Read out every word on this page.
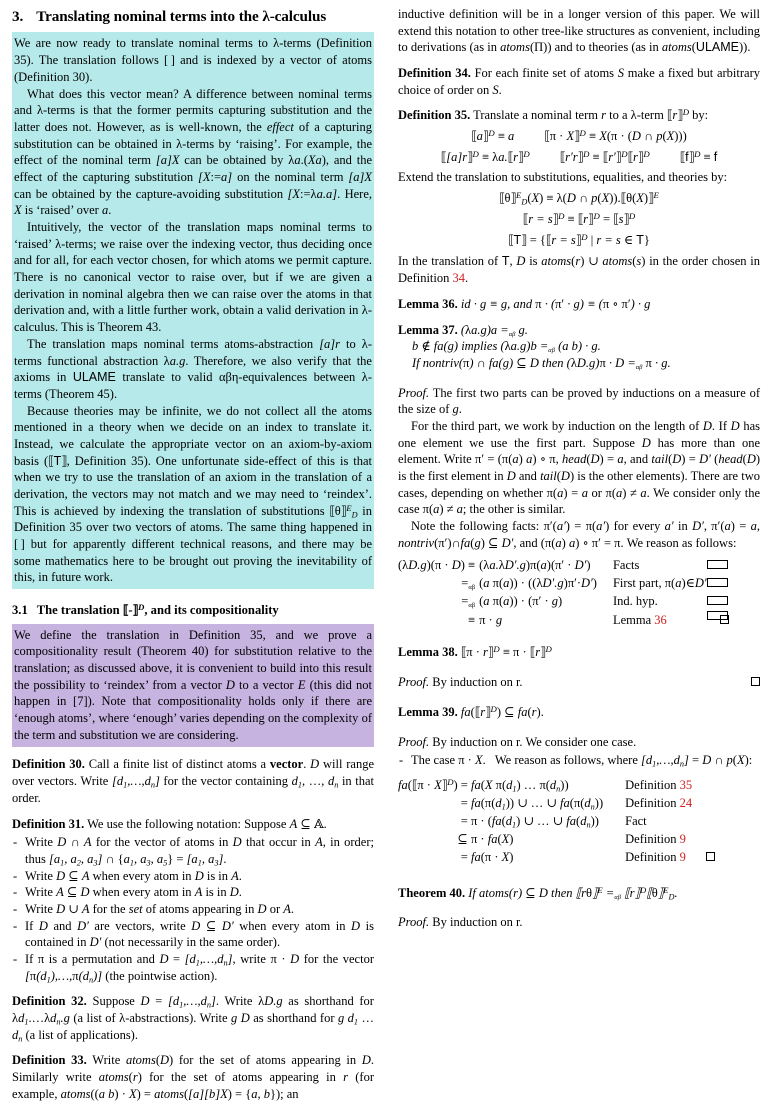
3. Translating nominal terms into the λ-calculus

We are now ready to translate nominal terms to λ-terms (Definition 35). The translation follows [ ] and is indexed by a vector of atoms (Definition 30).

What does this vector mean? A difference between nominal terms and λ-terms is that the former permits capturing substitution and the latter does not. However, as is well-known, the effect of a capturing substitution can be obtained in λ-terms by ‘raising’. For example, the effect of the nominal term [a]X can be obtained by λa.(Xa), and the effect of the capturing substitution [X:=a] on the nominal term [a]X can be obtained by the capture-avoiding substitution [X:=λa.a]. Here, X is ‘raised’ over a.

Intuitively, the vector of the translation maps nominal terms to ‘raised’ λ-terms; we raise over the indexing vector, thus deciding once and for all, for each vector chosen, for which atoms we permit capture. There is no canonical vector to raise over, but if we are given a derivation in nominal algebra then we can raise over the atoms in that derivation and, with a little further work, obtain a valid derivation in λ-calculus. This is Theorem 43.

The translation maps nominal terms atoms-abstraction [a]r to λ-terms functional abstraction λa.g. Therefore, we also verify that the axioms in ULAME translate to valid αβη-equivalences between λ-terms (Theorem 45).

Because theories may be infinite, we do not collect all the atoms mentioned in a theory when we decide on an index to translate it. Instead, we calculate the appropriate vector on an axiom-by-axiom basis (⟦T⟧, Definition 35). One unfortunate side-effect of this is that when we try to use the translation of an axiom in the translation of a derivation, the vectors may not match and we may need to ‘reindex’. This is achieved by indexing the translation of substitutions ⟦θ⟧$^E_D$ in Definition 35 over two vectors of atoms. The same thing happened in [ ] but for apparently different technical reasons, and there may be some mathematics here to be brought out proving the inevitability of this, in future work.

3.1 The translation ⟦-⟧$^D$, and its compositionality

We define the translation in Definition 35, and we prove a compositionality result (Theorem 40) for substitution relative to the translation; as discussed above, it is convenient to build into this result the possibility to ‘reindex’ from a vector D to a vector E (this did not happen in [7]). Note that compositionality holds only if there are ‘enough atoms’, where ‘enough’ varies depending on the complexity of the term and substitution we are considering.

Definition 30. Call a finite list of distinct atoms a vector. D will range over vectors. Write $[d_1,\dots,d_n]$ for the vector containing $d_1$, …, $d_n$ in that order.

Definition 31. We use the following notation: Suppose A ⊆ 𝔸.

- Write D ∩ A for the vector of atoms in D that occur in A, in order; thus [$a_1$, $a_2$, $a_3$] ∩ {$a_1$, $a_3$, $a_5\} = [a_1$, $a_3$].
- Write D ⊆ A when every atom in D is in A.
- Write A ⊆ D when every atom in A is in D.
- Write D ∪ A for the set of atoms appearing in D or A.
- If D and D′ are vectors, write D ⊆ D′ when every atom in D is contained in D′ (not necessarily in the same order).
- If π is a permutation and $D = [d_1,\dots,d_n]$, write π · D for the vector $[\pi(d_1),\dots,\pi(d_n)]$ (the pointwise action).

Definition 32. Suppose $D = [d_1,\dots,d_n]$. Write λD.g as shorthand for $\lambda d_1.\dots\lambda d_n.g$ (a list of λ-abstractions). Write g D as shorthand for g $d_1$ … $d_n$ (a list of applications).

Definition 33. Write atoms(D) for the set of atoms appearing in D. Similarly write atoms(r) for the set of atoms appearing in r (for example, atoms((a b) · X) = atoms([a][b]X) = {a, b}); an

inductive definition will be in a longer version of this paper. We will extend this notation to other tree-like structures as convenient, including to derivations (as in atoms(Π)) and to theories (as in atoms(ULAME)).

Definition 34. For each finite set of atoms S make a fixed but arbitrary choice of order on S.

Definition 35. Translate a nominal term r to a λ-term ⟦r⟧$^D$ by:

⟦a⟧$^D$ ≡ a ⟦π · X⟧$^D$ ≡ X(π · (D ∩ p(X)))
⟦[a]r⟧$^D$ ≡ λa.⟦r⟧$^D$ ⟦r′r⟧$^D$ ≡ ⟦r′⟧$^D$⟦r⟧$^D$ ⟦f⟧$^D$ ≡ f

Extend the translation to substitutions, equalities, and theories by:

⟦θ⟧$^E_D$(X) ≡ λ(D ∩ p(X)).⟦θ(X)⟧$^E$
⟦r = s⟧$^D$ ≡ ⟦r⟧$^D$ = ⟦s⟧$^D$
⟦T⟧ = {⟦r = s⟧$^D$ | r = s ∈ T}

In the translation of T, D is atoms(r) ∪ atoms(s) in the order chosen in Definition 34.

Lemma 36. id · g ≡ g, and π · (π′ · g) ≡ (π ∘ π′) · g

Lemma 37. (λa.g)a =αβ g.

b ∉ fa(g) implies (λa.g)b =αβ (a b) · g.

If nontriv(π) ∩ fa(g) ⊆ D then (λD.g)π · D =αβ π · g.

Proof. The first two parts can be proved by inductions on a measure of the size of g.

For the third part, we work by induction on the length of D. If D has one element we use the first part. Suppose D has more than one element. Write π′ = (π(a) a) ∘ π, head(D) = a, and tail(D) = D′ (head(D) is the first element in D and tail(D) is the other elements). There are two cases, depending on whether π(a) = a or π(a) ≠ a. We consider only the case π(a) ≠ a; the other is similar.

Note the following facts: π′(a′) = π(a′) for every a′ in D′, π′(a) = a, nontriv(π′)∩fa(g) ⊆ D′, and (π(a) a) ∘ π′ = π. We reason as follows:

(λD.g)(π · D) ≡	(λa.λD′.g)π(a)(π′ · D′)	Facts	
=αβ	(a π(a)) · ((λD′.g)π′·D′)	First part, π(a)∈D′	
=αβ	(a π(a)) · (π′ · g)	Ind. hyp.	
≡	π · g	Lemma 36	

Lemma 38. ⟦π · r⟧$^D$ ≡ π · ⟦r⟧$^D$

Proof. By induction on r.

Lemma 39. fa(⟦r⟧$^D$) ⊆ fa(r).

Proof. By induction on r. We consider one case.

- The case π · X.  We reason as follows, where $[d_1,\dots,d_n] = D$ ∩ p(X):
fa(⟦π · X⟧$^D$) =	fa(X $\pi(d_1)$ … $\pi(d_n)$)	Definition 35	
=	$fa(\pi(d_1))$ ∪ … ∪ $fa(\pi(d_n))$	Definition 24	
=	$\pi \cdot (fa(d_1)$ ∪ … ∪ $fa(d_n)$)	Fact	
⊆	π · fa(X)	Definition 9	
=	fa(π · X)	Definition 9	

Theorem 40. If atoms(r) ⊆ D then ⟦rθ⟧$^E$ =αβ ⟦r⟧$^D$⟦θ⟧$^E_D$.

Proof. By induction on r.
